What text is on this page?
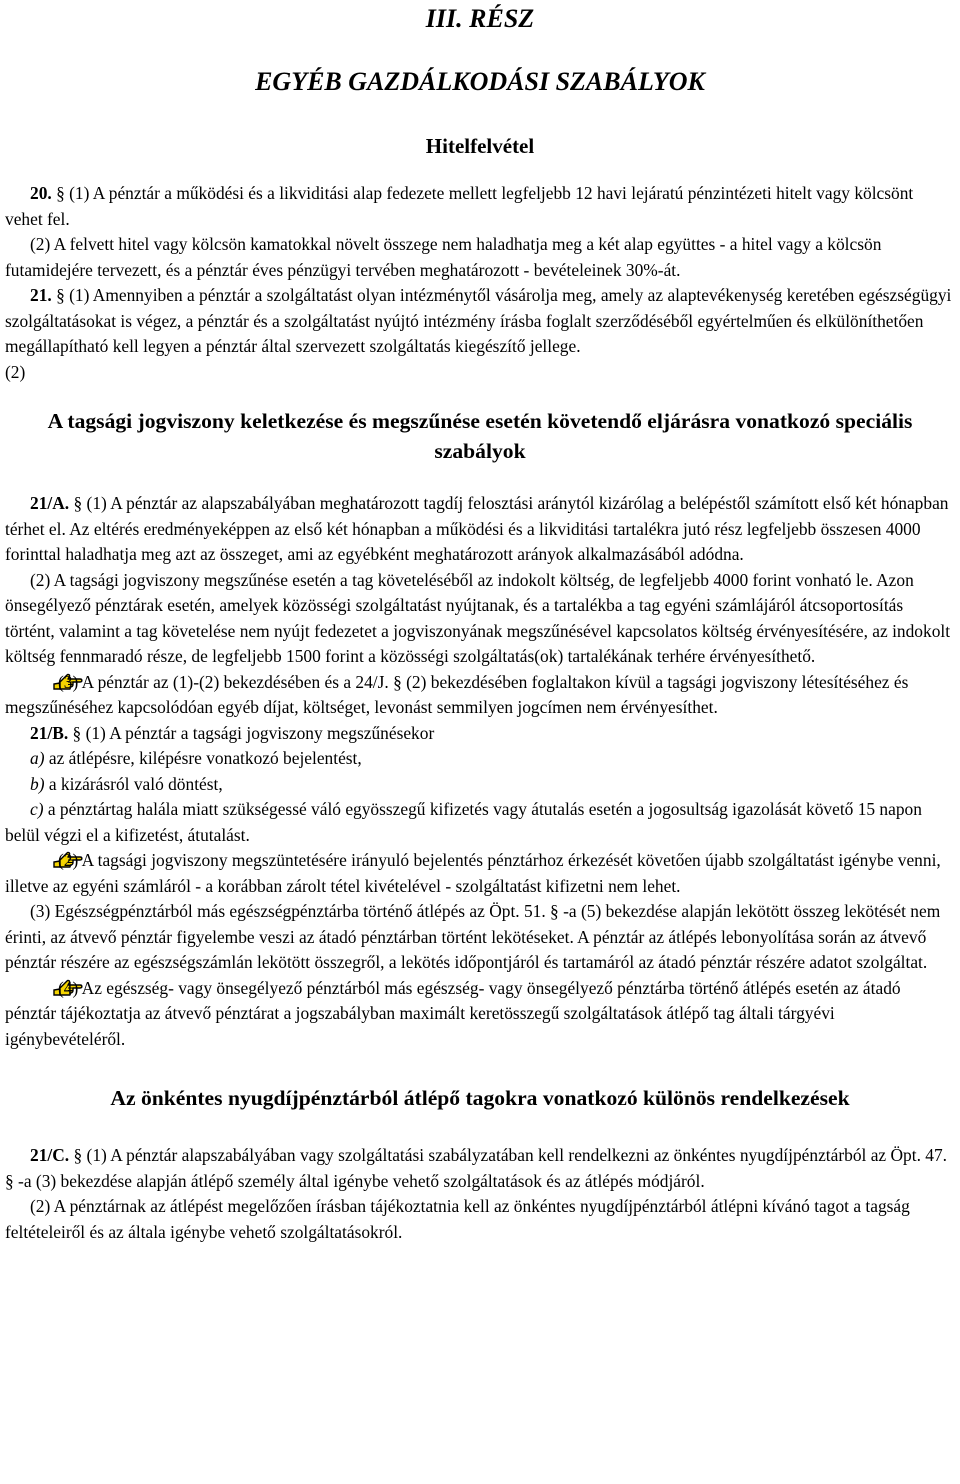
III. RÉSZ
EGYÉB GAZDÁLKODÁSI SZABÁLYOK
Hitelfelvétel

20. § (1) A pénztár a működési és a likviditási alap fedezete mellett legfeljebb 12 havi lejáratú pénzintézeti hitelt vagy kölcsönt vehet fel.

(2) A felvett hitel vagy kölcsön kamatokkal növelt összege nem haladhatja meg a két alap együttes - a hitel vagy a kölcsön futamidejére tervezett, és a pénztár éves pénzügyi tervében meghatározott - bevételeinek 30%-át.

21. § (1) Amennyiben a pénztár a szolgáltatást olyan intézménytől vásárolja meg, amely az alaptevékenység keretében egészségügyi szolgáltatásokat is végez, a pénztár és a szolgáltatást nyújtó intézmény írásba foglalt szerződéséből egyértelműen és elkülöníthetően megállapítható kell legyen a pénztár által szervezett szolgáltatás kiegészítő jellege.

(2)

A tagsági jogviszony keletkezése és megszűnése esetén követendő eljárásra vonatkozó speciális szabályok

21/A. § (1) A pénztár az alapszabályában meghatározott tagdíj felosztási aránytól kizárólag a belépéstől számított első két hónapban térhet el. Az eltérés eredményeképpen az első két hónapban a működési és a likviditási tartalékra jutó rész legfeljebb összesen 4000 forinttal haladhatja meg azt az összeget, ami az egyébként meghatározott arányok alkalmazásából adódna.

(2) A tagsági jogviszony megszűnése esetén a tag követeléséből az indokolt költség, de legfeljebb 4000 forint vonható le. Azon önsegélyező pénztárak esetén, amelyek közösségi szolgáltatást nyújtanak, és a tartalékba a tag egyéni számlájáról átcsoportosítás történt, valamint a tag követelése nem nyújt fedezetet a jogviszonyának megszűnésével kapcsolatos költség érvényesítésére, az indokolt költség fennmaradó része, de legfeljebb 1500 forint a közösségi szolgáltatás(ok) tartalékának terhére érvényesíthető.

(3) A pénztár az (1)-(2) bekezdésében és a 24/J. § (2) bekezdésében foglaltakon kívül a tagsági jogviszony létesítéséhez és megszűnéséhez kapcsolódóan egyéb díjat, költséget, levonást semmilyen jogcímen nem érvényesíthet.

21/B. § (1) A pénztár a tagsági jogviszony megszűnésekor

a) az átlépésre, kilépésre vonatkozó bejelentést,

b) a kizárásról való döntést,

c) a pénztártag halála miatt szükségessé váló egyösszegű kifizetés vagy átutalás esetén a jogosultság igazolását követő 15 napon belül végzi el a kifizetést, átutalást.

(2) A tagsági jogviszony megszüntetésére irányuló bejelentés pénztárhoz érkezését követően újabb szolgáltatást igénybe venni, illetve az egyéni számláról - a korábban zárolt tétel kivételével - szolgáltatást kifizetni nem lehet.

(3) Egészségpénztárból más egészségpénztárba történő átlépés az Öpt. 51. § -a (5) bekezdése alapján lekötött összeg lekötését nem érinti, az átvevő pénztár figyelembe veszi az átadó pénztárban történt lekötéseket. A pénztár az átlépés lebonyolítása során az átvevő pénztár részére az egészségszámlán lekötött összegről, a lekötés időpontjáról és tartamáról az átadó pénztár részére adatot szolgáltat.

(4) Az egészség- vagy önsegélyező pénztárból más egészség- vagy önsegélyező pénztárba történő átlépés esetén az átadó pénztár tájékoztatja az átvevő pénztárat a jogszabályban maximált keretösszegű szolgáltatások átlépő tag általi tárgyévi igénybevételéről.

Az önkéntes nyugdíjpénztárból átlépő tagokra vonatkozó különös rendelkezések

21/C. § (1) A pénztár alapszabályában vagy szolgáltatási szabályzatában kell rendelkezni az önkéntes nyugdíjpénztárból az Öpt. 47. § -a (3) bekezdése alapján átlépő személy által igénybe vehető szolgáltatások és az átlépés módjáról.

(2) A pénztárnak az átlépést megelőzően írásban tájékoztatnia kell az önkéntes nyugdíjpénztárból átlépni kívánó tagot a tagság feltételeiről és az általa igénybe vehető szolgáltatásokról.
